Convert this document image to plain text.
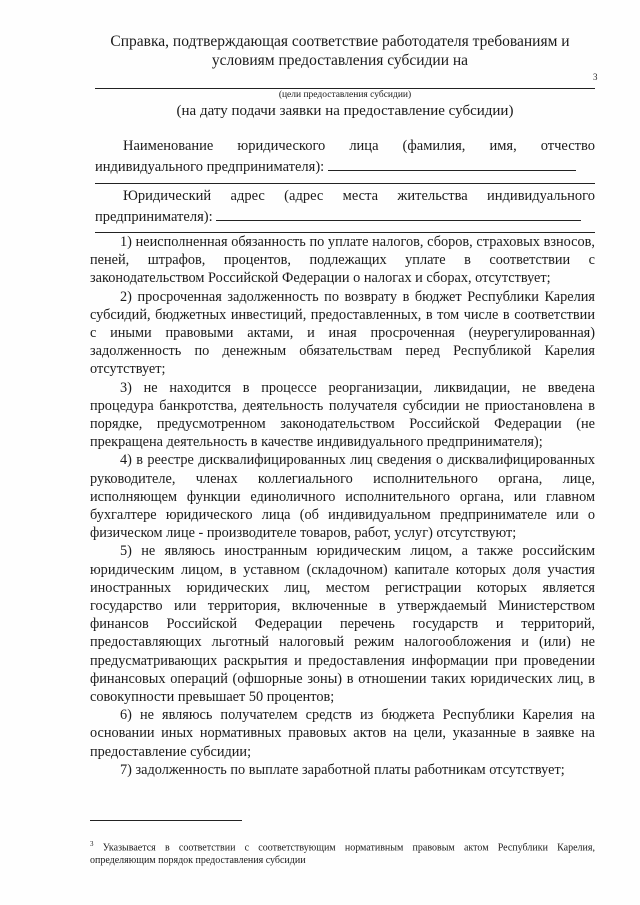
Справка, подтверждающая соответствие работодателя требованиям и условиям предоставления субсидии на
3
(цели предоставления субсидии)
(на дату подачи заявки на предоставление субсидии)
Наименование юридического лица (фамилия, имя, отчество индивидуального предпринимателя):
Юридический адрес (адрес места жительства индивидуального предпринимателя):

1) неисполненная обязанность по уплате налогов, сборов, страховых взносов, пеней, штрафов, процентов, подлежащих уплате в соответствии с законодательством Российской Федерации о налогах и сборах, отсутствует;

2) просроченная задолженность по возврату в бюджет Республики Карелия субсидий, бюджетных инвестиций, предоставленных, в том числе в соответствии с иными правовыми актами, и иная просроченная (неурегулированная) задолженность по денежным обязательствам перед Республикой Карелия отсутствует;

3) не находится в процессе реорганизации, ликвидации, не введена процедура банкротства, деятельность получателя субсидии не приостановлена в порядке, предусмотренном законодательством Российской Федерации (не прекращена деятельность в качестве индивидуального предпринимателя);

4) в реестре дисквалифицированных лиц сведения о дисквалифицированных руководителе, членах коллегиального исполнительного органа, лице, исполняющем функции единоличного исполнительного органа, или главном бухгалтере юридического лица (об индивидуальном предпринимателе или о физическом лице - производителе товаров, работ, услуг) отсутствуют;

5) не являюсь иностранным юридическим лицом, а также российским юридическим лицом, в уставном (складочном) капитале которых доля участия иностранных юридических лиц, местом регистрации которых является государство или территория, включенные в утверждаемый Министерством финансов Российской Федерации перечень государств и территорий, предоставляющих льготный налоговый режим налогообложения и (или) не предусматривающих раскрытия и предоставления информации при проведении финансовых операций (офшорные зоны) в отношении таких юридических лиц, в совокупности превышает 50 процентов;

6) не являюсь получателем средств из бюджета Республики Карелия на основании иных нормативных правовых актов на цели, указанные в заявке на предоставление субсидии;

7) задолженность по выплате заработной платы работникам отсутствует;

$^3$ Указывается в соответствии с соответствующим нормативным правовым актом Республики Карелия, определяющим порядок предоставления субсидии
